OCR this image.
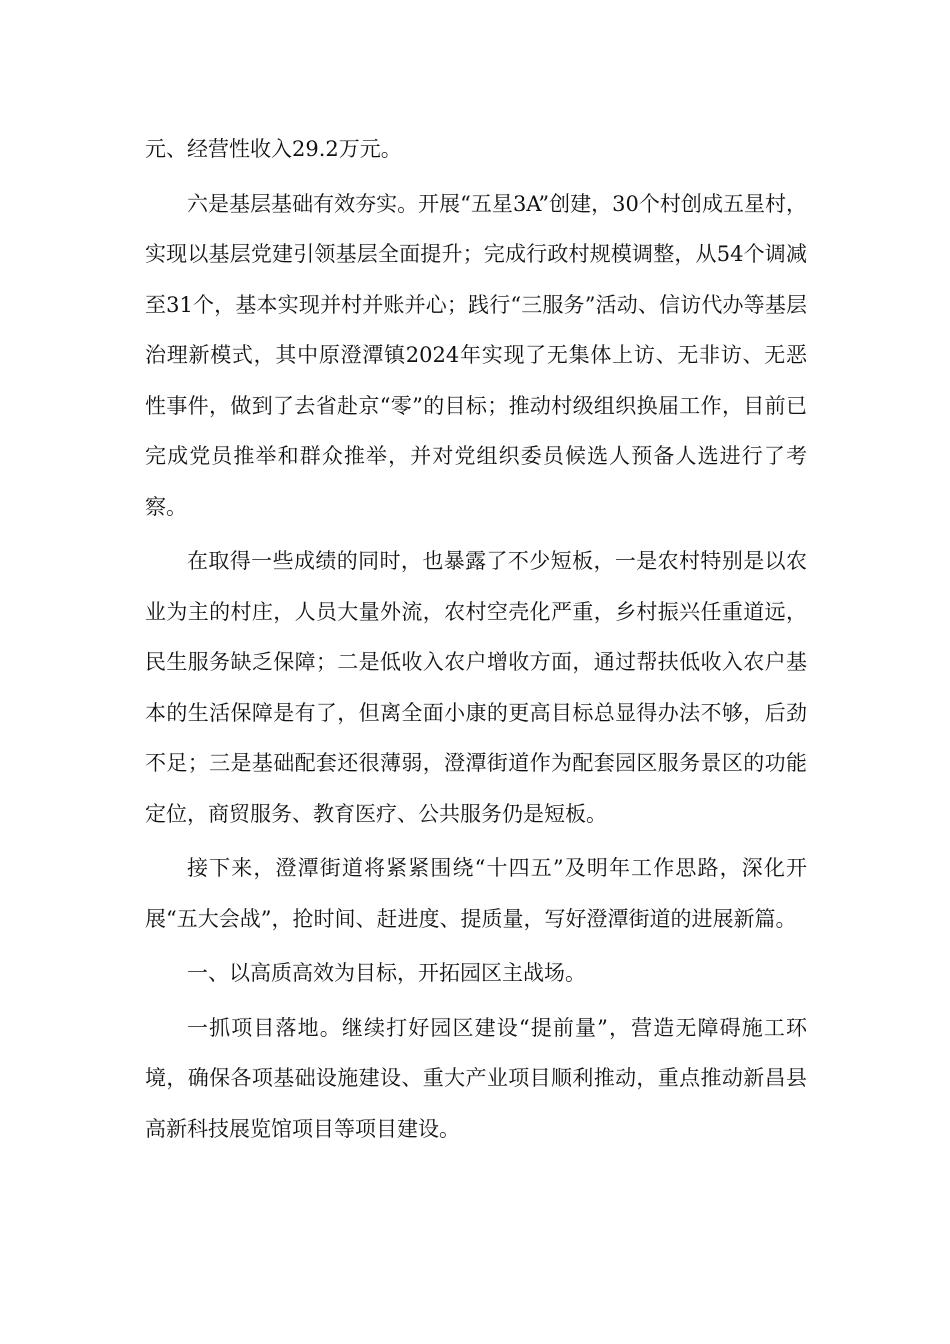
元、经营性收入29.2万元。

六是基层基础有效夯实。开展“五星3A”创建，30个村创成五星村，实现以基层党建引领基层全面提升；完成行政村规模调整，从54个调减至31个，基本实现并村并账并心；践行“三服务”活动、信访代办等基层治理新模式，其中原澄潭镇2024年实现了无集体上访、无非访、无恶性事件，做到了去省赴京“零”的目标；推动村级组织换届工作，目前已完成党员推举和群众推举，并对党组织委员候选人预备人选进行了考察。

在取得一些成绩的同时，也暴露了不少短板，一是农村特别是以农业为主的村庄，人员大量外流，农村空壳化严重，乡村振兴任重道远，民生服务缺乏保障；二是低收入农户增收方面，通过帮扶低收入农户基本的生活保障是有了，但离全面小康的更高目标总显得办法不够，后劲不足；三是基础配套还很薄弱，澄潭街道作为配套园区服务景区的功能定位，商贸服务、教育医疗、公共服务仍是短板。

接下来，澄潭街道将紧紧围绕“十四五”及明年工作思路，深化开展“五大会战”，抢时间、赶进度、提质量，写好澄潭街道的进展新篇。

一、以高质高效为目标，开拓园区主战场。

一抓项目落地。继续打好园区建设“提前量”，营造无障碍施工环境，确保各项基础设施建设、重大产业项目顺利推动，重点推动新昌县高新科技展览馆项目等项目建设。
